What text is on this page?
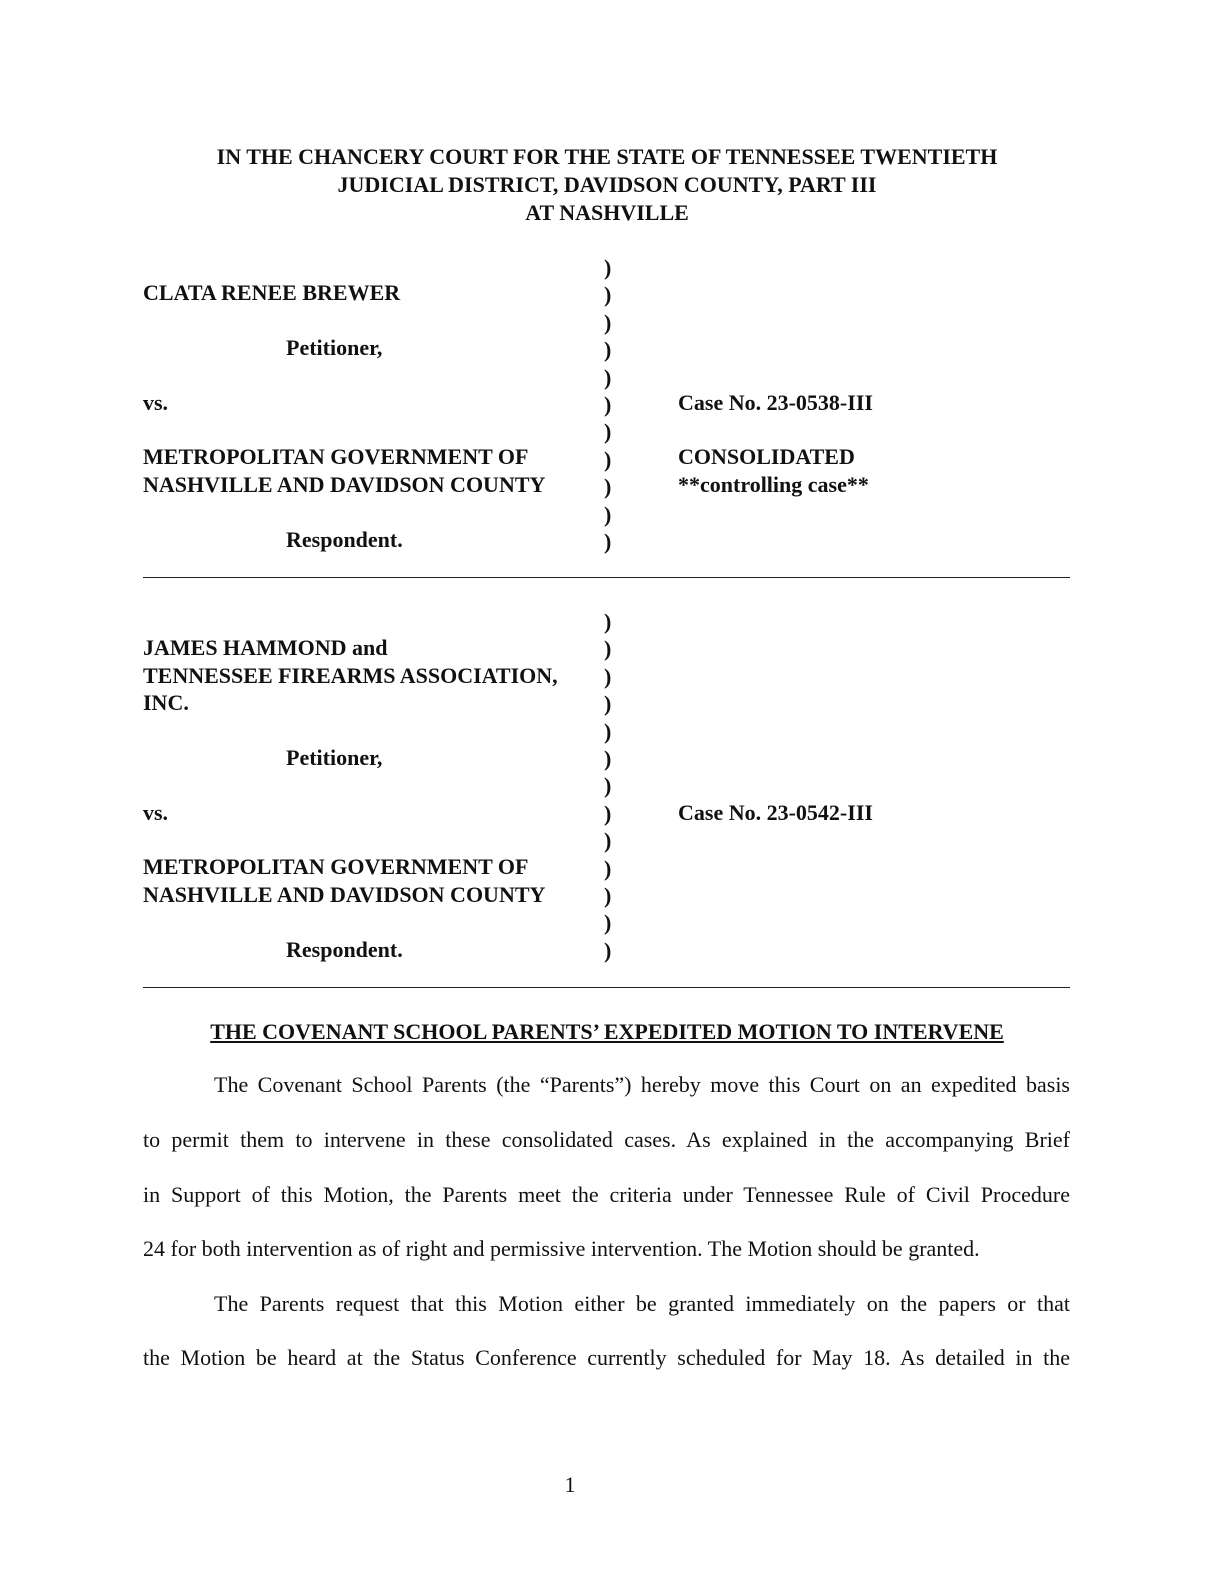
IN THE CHANCERY COURT FOR THE STATE OF TENNESSEE TWENTIETH
JUDICIAL DISTRICT, DAVIDSON COUNTY, PART III
AT NASHVILLE
CLATA RENEE BREWER
Petitioner,
vs.
METROPOLITAN GOVERNMENT OF
NASHVILLE AND DAVIDSON COUNTY
Respondent.
Case No. 23-0538-III
CONSOLIDATED
**controlling case**
)
)
)
)
)
)
)
)
)
)
)
JAMES HAMMOND and
TENNESSEE FIREARMS ASSOCIATION,
INC.
Petitioner,
vs.
METROPOLITAN GOVERNMENT OF
NASHVILLE AND DAVIDSON COUNTY
Respondent.
Case No. 23-0542-III
)
)
)
)
)
)
)
)
)
)
)
)
)
THE COVENANT SCHOOL PARENTS’ EXPEDITED MOTION TO INTERVENE
The Covenant School Parents (the “Parents”) hereby move this Court on an expedited basis
to permit them to intervene in these consolidated cases. As explained in the accompanying Brief
in Support of this Motion, the Parents meet the criteria under Tennessee Rule of Civil Procedure
24 for both intervention as of right and permissive intervention. The Motion should be granted.
The Parents request that this Motion either be granted immediately on the papers or that
the Motion be heard at the Status Conference currently scheduled for May 18. As detailed in the
1
